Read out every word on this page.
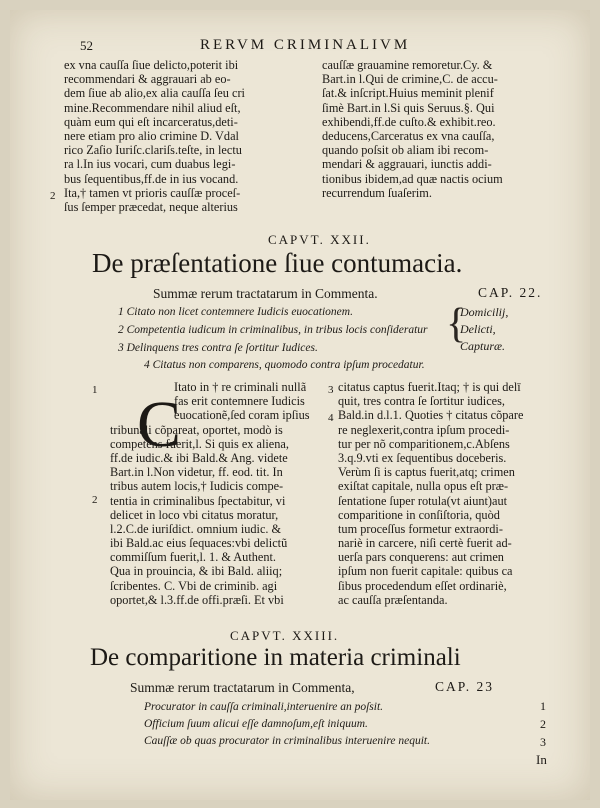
52	RERVM CRIMINALIVM
ex vna cauſſa ſiue delicto,poterit ibi
recommendari & aggrauari ab eo-
dem ſiue ab alio,ex alia cauſſa ſeu cri
mine.Recommendare nihil aliud eſt,
quàm eum qui eſt incarceratus,deti-
nere etiam pro alio crimine D. Vdal
rico Zaſio Iuriſc.clariſs.teſte, in lectu
ra l.In ius vocari, cum duabus legi-
bus ſequentibus,ff.de in ius vocand.
Ita,† tamen vt prioris cauſſæ proceſ-
ſus ſemper præcedat, neque alterius
2
cauſſæ grauamine remoretur.Cy. &
Bart.in l.Qui de crimine,C. de accu-
ſat.& inſcript.Huius meminit plenif
ſimè Bart.in l.Si quis Seruus.§. Qui
exhibendi,ff.de cuſto.& exhibit.reo.
deducens,Carceratus ex vna cauſſa,
quando poſsit ob aliam ibi recom-
mendari & aggrauari, iunctis addi-
tionibus ibidem,ad quæ nactis ocium
recurrendum ſuaſerim.
CAPVT. XXII.
De præſentatione ſiue contumacia.
Summæ rerum tractatarum in Commenta.	CAP. 22.
1 Citato non licet contemnere Iudicis euocationem.
2 Competentia iudicum in criminalibus, in tribus locis conſideratur
3 Delinquens tres contra ſe ſortitur Iudices.
4 Citatus non comparens, quomodo contra ipſum procedatur.
{
Domicilij,
Delicti,
Capturæ.
C
1	Itato in † re criminali nullã
fas erit contemnere Iudicis
euocationẽ,ſed coram ipſius
tribunali cõpareat, oportet, modò is
competens fuerit,l. Si quis ex aliena,
ff.de iudic.& ibi Bald.& Ang. videte
Bart.in l.Non videtur, ff. eod. tit. In
tribus autem locis,† Iudicis compe-
tentia in criminalibus ſpectabitur, vi
delicet in loco vbi citatus moratur,
l.2.C.de iuriſdict. omnium iudic. &
ibi Bald.ac eius ſequaces:vbi delictũ
commiſſum fuerit,l. 1. & Authent.
Qua in prouincia, & ibi Bald. aliiq;
ſcribentes. C. Vbi de criminib. agi
oportet,& l.3.ff.de offi.præſi. Et vbi
2
3
4
citatus captus fuerit.Itaq; † is qui delī
quit, tres contra ſe ſortitur iudices,
Bald.in d.l.1. Quoties † citatus cõpare
re neglexerit,contra ipſum procedi-
tur per nõ comparitionem,c.Abſens
3.q.9.vti ex ſequentibus doceberis.
Verùm ſi is captus fuerit,atq; crimen
exiſtat capitale, nulla opus eſt præ-
ſentatione ſuper rotula(vt aiunt)aut
comparitione in conſiſtoria, quòd
tum proceſſus formetur extraordi-
nariè in carcere, niſi certè fuerit ad-
uerſa pars conquerens: aut crimen
ipſum non fuerit capitale: quibus ca
ſibus procedendum eſſet ordinariè,
ac cauſſa præſentanda.
CAPVT. XXIII.
De comparitione in materia criminali
Summæ rerum tractatarum in Commenta,	CAP. 23
Procurator in cauſſa criminali,interuenire an poſsit.
Officium ſuum alicui eſſe damnoſum,eſt iniquum.
Cauſſæ ob quas procurator in criminalibus interuenire nequit.
1
2
3
In
